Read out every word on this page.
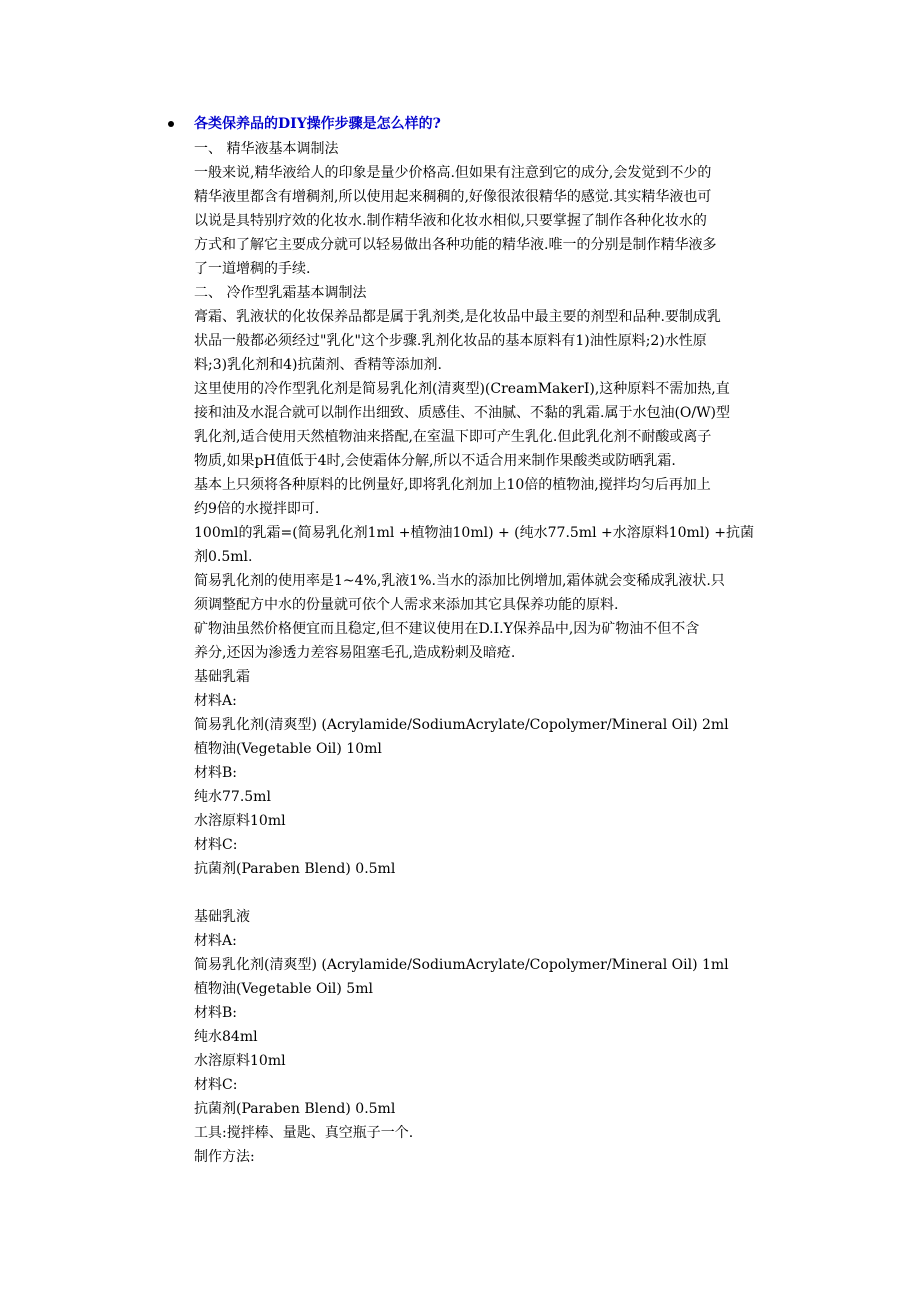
各类保养品的DIY操作步骤是怎么样的?
一、 精华液基本调制法
一般来说,精华液给人的印象是量少价格高.但如果有注意到它的成分,会发觉到不少的
精华液里都含有增稠剂,所以使用起来稠稠的,好像很浓很精华的感觉.其实精华液也可
以说是具特别疗效的化妆水.制作精华液和化妆水相似,只要掌握了制作各种化妆水的
方式和了解它主要成分就可以轻易做出各种功能的精华液.唯一的分别是制作精华液多
了一道增稠的手续.
二、 冷作型乳霜基本调制法
膏霜、乳液状的化妆保养品都是属于乳剂类,是化妆品中最主要的剂型和品种.要制成乳
状品一般都必须经过"乳化"这个步骤.乳剂化妆品的基本原料有1)油性原料;2)水性原
料;3)乳化剂和4)抗菌剂、香精等添加剂.
这里使用的冷作型乳化剂是简易乳化剂(清爽型)(CreamMakerI),这种原料不需加热,直
接和油及水混合就可以制作出细致、质感佳、不油腻、不黏的乳霜.属于水包油(O/W)型
乳化剂,适合使用天然植物油来搭配,在室温下即可产生乳化.但此乳化剂不耐酸或离子
物质,如果pH值低于4时,会使霜体分解,所以不适合用来制作果酸类或防晒乳霜.
基本上只须将各种原料的比例量好,即将乳化剂加上10倍的植物油,搅拌均匀后再加上
约9倍的水搅拌即可.
100ml的乳霜=(简易乳化剂1ml +植物油10ml) + (纯水77.5ml +水溶原料10ml) +抗菌
剂0.5ml.
简易乳化剂的使用率是1~4%,乳液1%.当水的添加比例增加,霜体就会变稀成乳液状.只
须调整配方中水的份量就可依个人需求来添加其它具保养功能的原料.
矿物油虽然价格便宜而且稳定,但不建议使用在D.I.Y保养品中,因为矿物油不但不含
养分,还因为渗透力差容易阻塞毛孔,造成粉刺及暗疮.
基础乳霜
材料A:
简易乳化剂(清爽型) (Acrylamide/SodiumAcrylate/Copolymer/Mineral Oil) 2ml
植物油(Vegetable Oil) 10ml
材料B:
纯水77.5ml
水溶原料10ml
材料C:
抗菌剂(Paraben Blend) 0.5ml
基础乳液
材料A:
简易乳化剂(清爽型) (Acrylamide/SodiumAcrylate/Copolymer/Mineral Oil) 1ml
植物油(Vegetable Oil) 5ml
材料B:
纯水84ml
水溶原料10ml
材料C:
抗菌剂(Paraben Blend) 0.5ml
工具:搅拌棒、量匙、真空瓶子一个.
制作方法:
